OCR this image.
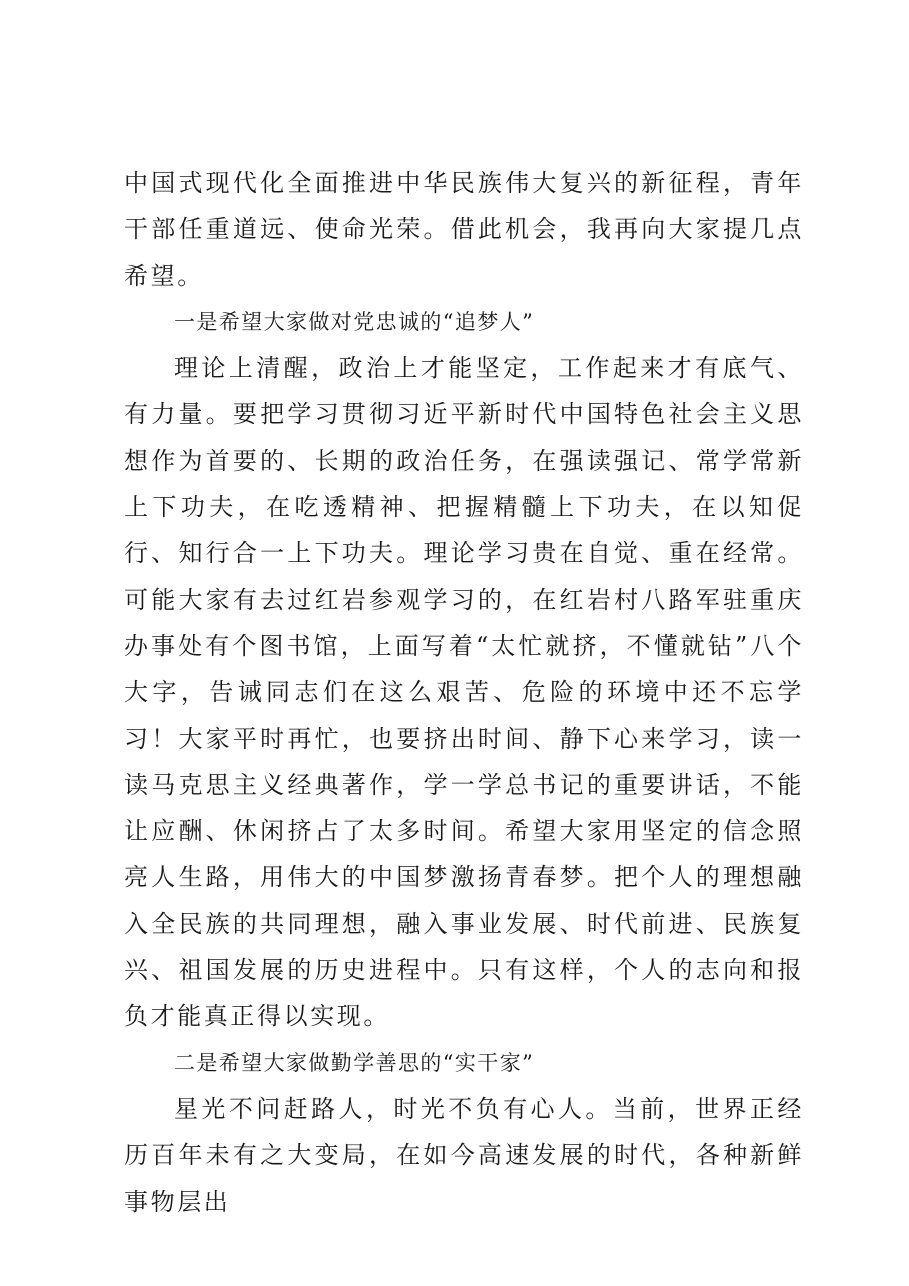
中国式现代化全面推进中华民族伟大复兴的新征程，青年干部任重道远、使命光荣。借此机会，我再向大家提几点希望。

一是希望大家做对党忠诚的“追梦人”

理论上清醒，政治上才能坚定，工作起来才有底气、有力量。要把学习贯彻习近平新时代中国特色社会主义思想作为首要的、长期的政治任务，在强读强记、常学常新上下功夫，在吃透精神、把握精髓上下功夫，在以知促行、知行合一上下功夫。理论学习贵在自觉、重在经常。可能大家有去过红岩参观学习的，在红岩村八路军驻重庆办事处有个图书馆，上面写着“太忙就挤，不懂就钻”八个大字，告诫同志们在这么艰苦、危险的环境中还不忘学习！大家平时再忙，也要挤出时间、静下心来学习，读一读马克思主义经典著作，学一学总书记的重要讲话，不能让应酬、休闲挤占了太多时间。希望大家用坚定的信念照亮人生路，用伟大的中国梦激扬青春梦。把个人的理想融入全民族的共同理想，融入事业发展、时代前进、民族复兴、祖国发展的历史进程中。只有这样，个人的志向和报负才能真正得以实现。

二是希望大家做勤学善思的“实干家”

星光不问赶路人，时光不负有心人。当前，世界正经历百年未有之大变局，在如今高速发展的时代，各种新鲜事物层出
